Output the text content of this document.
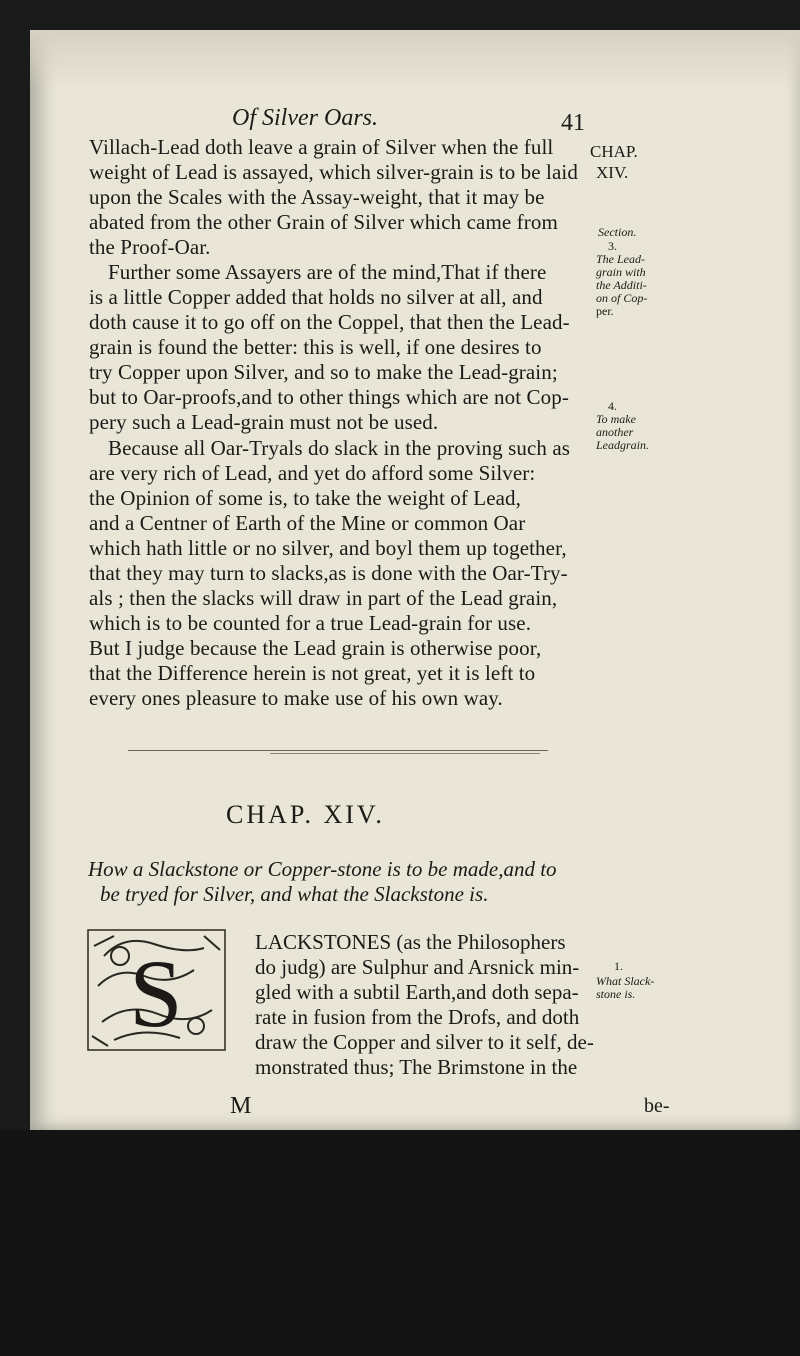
Of Silver Oars.	41
CHAP.
XIV.
Section.
3.
The Lead-
grain with
the Additi-
on of Cop-
per.
4.
To make
another
Leadgrain.
1.
What Slack-
stone is.
Villach-Lead doth leave a grain of Silver when the full
weight of Lead is assayed, which silver-grain is to be laid
upon the Scales with the Assay-weight, that it may be
abated from the other Grain of Silver which came from
the Proof-Oar.
Further some Assayers are of the mind,That if there
is a little Copper added that holds no silver at all, and
doth cause it to go off on the Coppel, that then the Lead-
grain is found the better: this is well, if one desires to
try Copper upon Silver, and so to make the Lead-grain;
but to Oar-proofs,and to other things which are not Cop-
pery such a Lead-grain must not be used.
Because all Oar-Tryals do slack in the proving such as
are very rich of Lead, and yet do afford some Silver:
the Opinion of some is, to take the weight of Lead,
and a Centner of Earth of the Mine or common Oar
which hath little or no silver, and boyl them up together,
that they may turn to slacks,as is done with the Oar-Try-
als ; then the slacks will draw in part of the Lead grain,
which is to be counted for a true Lead-grain for use.
But I judge because the Lead grain is otherwise poor,
that the Difference herein is not great, yet it is left to
every ones pleasure to make use of his own way.
CHAP. XIV.
How a Slackstone or Copper-stone is to be made,and to
be tryed for Silver, and what the Slackstone is.
S	LACKSTONES (as the Philosophers
do judg) are Sulphur and Arsnick min-
gled with a subtil Earth,and doth sepa-
rate in fusion from the Drofs, and doth
draw the Copper and silver to it self, de-
monstrated thus; The Brimstone in the
M	be-
